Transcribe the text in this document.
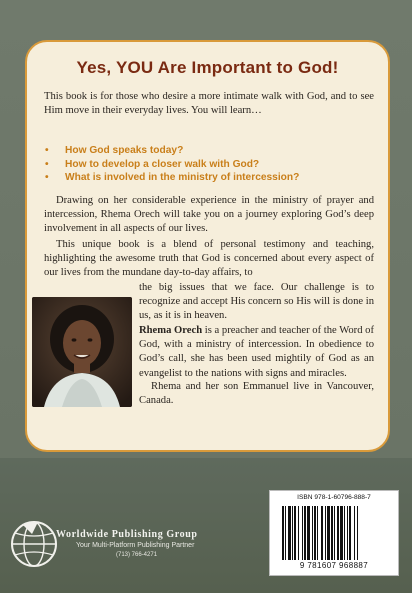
Yes, YOU Are Important to God!

This book is for those who desire a more intimate walk with God, and to see Him move in their everyday lives. You will learn…

• How God speaks today?
• How to develop a closer walk with God?
• What is involved in the ministry of intercession?

Drawing on her considerable experience in the ministry of prayer and intercession, Rhema Orech will take you on a journey exploring God’s deep involvement in all aspects of our lives.

This unique book is a blend of personal testimony and teaching, highlighting the awesome truth that God is concerned about every aspect of our lives from the mundane day-to-day affairs, to

the big issues that we face. Our challenge is to recognize and accept His concern so His will is done in us, as it is in heaven.

Rhema Orech is a preacher and teacher of the Word of God, with a ministry of intercession. In obedience to God’s call, she has been used mightily of God as an evangelist to the nations with signs and miracles.

Rhema and her son Emmanuel live in Vancouver, Canada.

ISBN 978-1-60796-888-7
9 781607 968887
Worldwide Publishing Group
Your Multi-Platform Publishing Partner
(713) 766-4271
